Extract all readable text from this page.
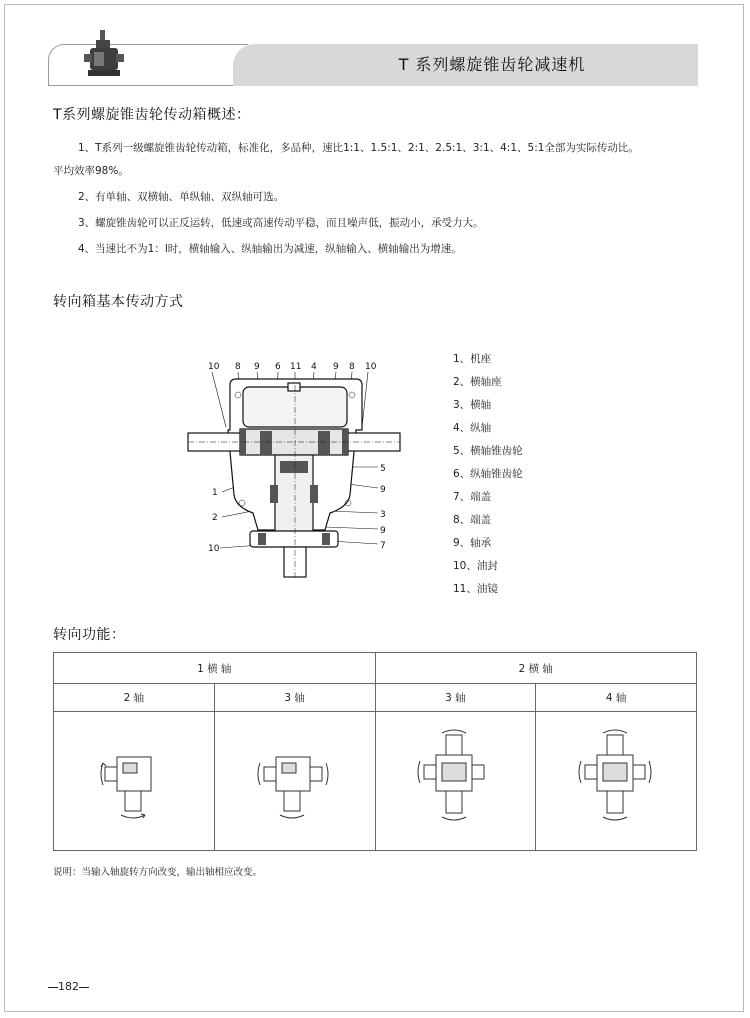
T 系列螺旋锥齿轮减速机
T系列螺旋锥齿轮传动箱概述：
1、T系列一级螺旋锥齿轮传动箱，标准化，多品种，速比1:1、1.5:1、2:1、2.5:1、3:1、4:1、5:1全部为实际传动比。
平均效率98%。
2、有单轴、双横轴、单纵轴、双纵轴可选。
3、螺旋锥齿轮可以正反运转，低速或高速传动平稳，而且噪声低，振动小，承受力大。
4、当速比不为1：l时，横轴输入、纵轴输出为减速，纵轴输入、横轴输出为增速。
转向箱基本传动方式
10 8 9 6 11 4 9 8 10
5
9
3
9
7
1
2
10
1、机座
2、横轴座
3、横轴
4、纵轴
5、横轴锥齿轮
6、纵轴锥齿轮
7、端盖
8、端盖
9、轴承
10、油封
11、油镜
转向功能：
1 横 轴		2 横 轴	
2 轴	3 轴	3 轴	4 轴

说明：当输入轴旋转方向改变，输出轴相应改变。
182
